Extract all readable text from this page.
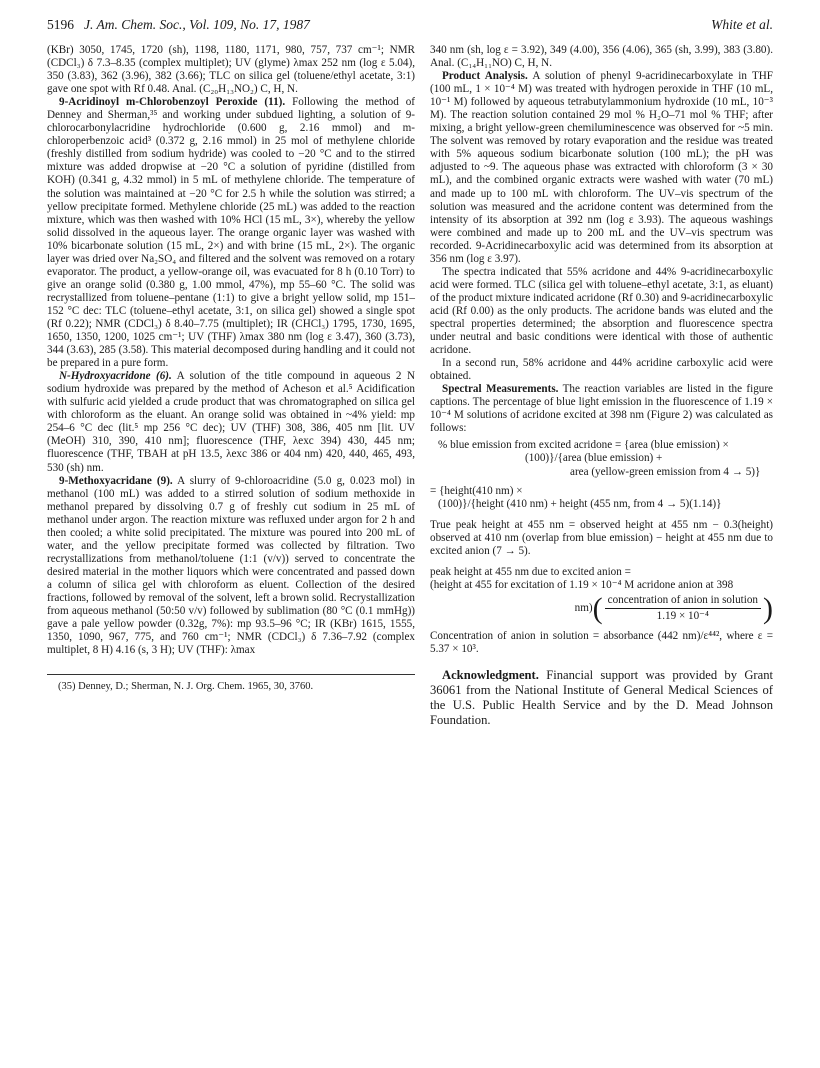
5196 J. Am. Chem. Soc., Vol. 109, No. 17, 1987	White et al.

(KBr) 3050, 1745, 1720 (sh), 1198, 1180, 1171, 980, 757, 737 cm⁻¹; NMR (CDCl₃) δ 7.3–8.35 (complex multiplet); UV (glyme) λmax 252 nm (log ε 5.04), 350 (3.83), 362 (3.96), 382 (3.66); TLC on silica gel (toluene/ethyl acetate, 3:1) gave one spot with Rf 0.48. Anal. (C₂₀H₁₃NO₂) C, H, N.

9-Acridinoyl m-Chlorobenzoyl Peroxide (11). Following the method of Denney and Sherman,³⁵ and working under subdued lighting, a solution of 9-chlorocarbonylacridine hydrochloride (0.600 g, 2.16 mmol) and m-chloroperbenzoic acid³ (0.372 g, 2.16 mmol) in 25 mol of methylene chloride (freshly distilled from sodium hydride) was cooled to −20 °C and to the stirred mixture was added dropwise at −20 °C a solution of pyridine (distilled from KOH) (0.341 g, 4.32 mmol) in 5 mL of methylene chloride. The temperature of the solution was maintained at −20 °C for 2.5 h while the solution was stirred; a yellow precipitate formed. Methylene chloride (25 mL) was added to the reaction mixture, which was then washed with 10% HCl (15 mL, 3×), whereby the yellow solid dissolved in the aqueous layer. The orange organic layer was washed with 10% bicarbonate solution (15 mL, 2×) and with brine (15 mL, 2×). The organic layer was dried over Na₂SO₄ and filtered and the solvent was removed on a rotary evaporator. The product, a yellow-orange oil, was evacuated for 8 h (0.10 Torr) to give an orange solid (0.380 g, 1.00 mmol, 47%), mp 55–60 °C. The solid was recrystallized from toluene–pentane (1:1) to give a bright yellow solid, mp 151–152 °C dec: TLC (toluene–ethyl acetate, 3:1, on silica gel) showed a single spot (Rf 0.22); NMR (CDCl₃) δ 8.40–7.75 (multiplet); IR (CHCl₃) 1795, 1730, 1695, 1650, 1350, 1200, 1025 cm⁻¹; UV (THF) λmax 380 nm (log ε 3.47), 360 (3.73), 344 (3.63), 285 (3.58). This material decomposed during handling and it could not be prepared in a pure form.

N-Hydroxyacridone (6). A solution of the title compound in aqueous 2 N sodium hydroxide was prepared by the method of Acheson et al.⁵ Acidification with sulfuric acid yielded a crude product that was chromatographed on silica gel with chloroform as the eluant. An orange solid was obtained in ~4% yield: mp 254–6 °C dec (lit.⁵ mp 256 °C dec); UV (THF) 308, 386, 405 nm [lit. UV (MeOH) 310, 390, 410 nm]; fluorescence (THF, λexc 394) 430, 445 nm; fluorescence (THF, TBAH at pH 13.5, λexc 386 or 404 nm) 420, 440, 465, 493, 530 (sh) nm.

9-Methoxyacridane (9). A slurry of 9-chloroacridine (5.0 g, 0.023 mol) in methanol (100 mL) was added to a stirred solution of sodium methoxide in methanol prepared by dissolving 0.7 g of freshly cut sodium in 25 mL of methanol under argon. The reaction mixture was refluxed under argon for 2 h and then cooled; a white solid precipitated. The mixture was poured into 200 mL of water, and the yellow precipitate formed was collected by filtration. Two recrystallizations from methanol/toluene (1:1 (v/v)) served to concentrate the desired material in the mother liquors which were concentrated and passed down a column of silica gel with chloroform as eluent. Collection of the desired fractions, followed by removal of the solvent, left a brown solid. Recrystallization from aqueous methanol (50:50 v/v) followed by sublimation (80 °C (0.1 mmHg)) gave a pale yellow powder (0.32g, 7%): mp 93.5–96 °C; IR (KBr) 1615, 1555, 1350, 1090, 967, 775, and 760 cm⁻¹; NMR (CDCl₃) δ 7.36–7.92 (complex multiplet, 8 H) 4.16 (s, 3 H); UV (THF): λmax

(35) Denney, D.; Sherman, N. J. Org. Chem. 1965, 30, 3760.

340 nm (sh, log ε = 3.92), 349 (4.00), 356 (4.06), 365 (sh, 3.99), 383 (3.80). Anal. (C₁₄H₁₁NO) C, H, N.

Product Analysis. A solution of phenyl 9-acridinecarboxylate in THF (100 mL, 1 × 10⁻⁴ M) was treated with hydrogen peroxide in THF (10 mL, 10⁻¹ M) followed by aqueous tetrabutylammonium hydroxide (10 mL, 10⁻³ M). The reaction solution contained 29 mol % H₂O–71 mol % THF; after mixing, a bright yellow-green chemiluminescence was observed for ~5 min. The solvent was removed by rotary evaporation and the residue was treated with 5% aqueous sodium bicarbonate solution (100 mL); the pH was adjusted to ~9. The aqueous phase was extracted with chloroform (3 × 30 mL), and the combined organic extracts were washed with water (70 mL) and made up to 100 mL with chloroform. The UV–vis spectrum of the solution was measured and the acridone content was determined from the intensity of its absorption at 392 nm (log ε 3.93). The aqueous washings were combined and made up to 200 mL and the UV–vis spectrum was recorded. 9-Acridinecarboxylic acid was determined from its absorption at 356 nm (log ε 3.97).

The spectra indicated that 55% acridone and 44% 9-acridinecarboxylic acid were formed. TLC (silica gel with toluene–ethyl acetate, 3:1, as eluant) of the product mixture indicated acridone (Rf 0.30) and 9-acridinecarboxylic acid (Rf 0.00) as the only products. The acridone bands was eluted and the spectral properties determined; the absorption and fluorescence spectra under neutral and basic conditions were identical with those of authentic acridone.

In a second run, 58% acridone and 44% acridine carboxylic acid were obtained.

Spectral Measurements. The reaction variables are listed in the figure captions. The percentage of blue light emission in the fluorescence of 1.19 × 10⁻⁴ M solutions of acridone excited at 398 nm (Figure 2) was calculated as follows:

% blue emission from excited acridone = {area (blue emission) ×
(100)}/{area (blue emission) +
area (yellow-green emission from 4 → 5)}
= {height(410 nm) ×
(100)}/{height (410 nm) + height (455 nm, from 4 → 5)(1.14)}

True peak height at 455 nm = observed height at 455 nm − 0.3(height) observed at 410 nm (overlap from blue emission) − height at 455 nm due to excited anion (7 → 5).

peak height at 455 nm due to excited anion =
(height at 455 for excitation of 1.19 × 10⁻⁴ M acridone anion at 398
nm) ( $\frac{\text{concentration of anion in solution}}{\text{1.19 × 10⁻⁴}}$ )

Concentration of anion in solution = absorbance (442 nm)/ε⁴⁴², where ε = 5.37 × 10³.

Acknowledgment. Financial support was provided by Grant 36061 from the National Institute of General Medical Sciences of the U.S. Public Health Service and by the D. Mead Johnson Foundation.
